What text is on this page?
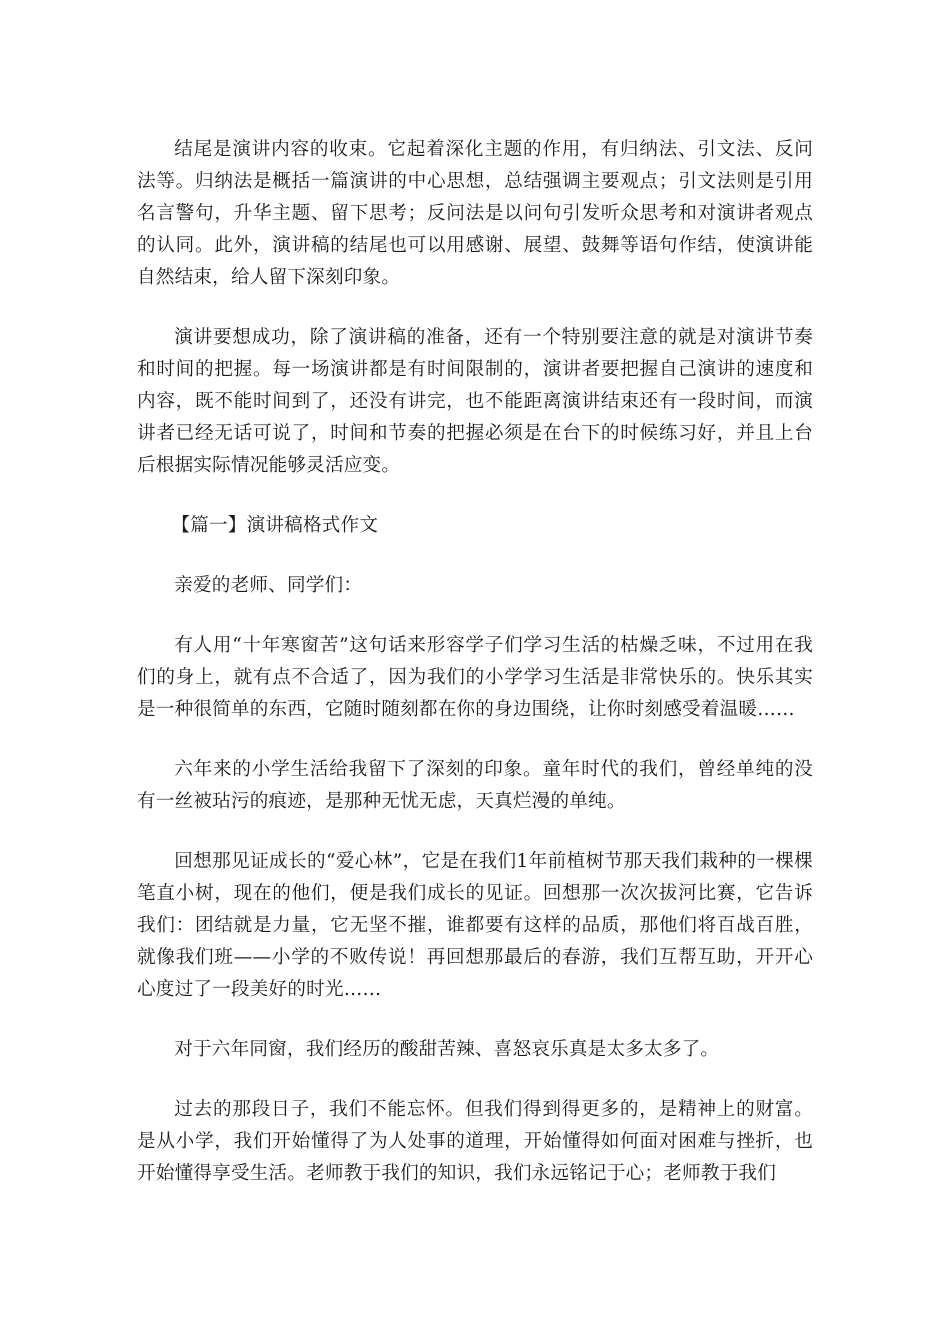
结尾是演讲内容的收束。它起着深化主题的作用，有归纳法、引文法、反问法等。归纳法是概括一篇演讲的中心思想，总结强调主要观点；引文法则是引用名言警句，升华主题、留下思考；反问法是以问句引发听众思考和对演讲者观点的认同。此外，演讲稿的结尾也可以用感谢、展望、鼓舞等语句作结，使演讲能自然结束，给人留下深刻印象。

演讲要想成功，除了演讲稿的准备，还有一个特别要注意的就是对演讲节奏和时间的把握。每一场演讲都是有时间限制的，演讲者要把握自己演讲的速度和内容，既不能时间到了，还没有讲完，也不能距离演讲结束还有一段时间，而演讲者已经无话可说了，时间和节奏的把握必须是在台下的时候练习好，并且上台后根据实际情况能够灵活应变。

【篇一】演讲稿格式作文

亲爱的老师、同学们：

有人用“十年寒窗苦”这句话来形容学子们学习生活的枯燥乏味，不过用在我们的身上，就有点不合适了，因为我们的小学学习生活是非常快乐的。快乐其实是一种很简单的东西，它随时随刻都在你的身边围绕，让你时刻感受着温暖……

六年来的小学生活给我留下了深刻的印象。童年时代的我们，曾经单纯的没有一丝被玷污的痕迹，是那种无忧无虑，天真烂漫的单纯。

回想那见证成长的“爱心林”，它是在我们1年前植树节那天我们栽种的一棵棵笔直小树，现在的他们，便是我们成长的见证。回想那一次次拔河比赛，它告诉我们：团结就是力量，它无坚不摧，谁都要有这样的品质，那他们将百战百胜，就像我们班——小学的不败传说！再回想那最后的春游，我们互帮互助，开开心心度过了一段美好的时光……

对于六年同窗，我们经历的酸甜苦辣、喜怒哀乐真是太多太多了。

过去的那段日子，我们不能忘怀。但我们得到得更多的，是精神上的财富。是从小学，我们开始懂得了为人处事的道理，开始懂得如何面对困难与挫折，也开始懂得享受生活。老师教于我们的知识，我们永远铭记于心；老师教于我们
